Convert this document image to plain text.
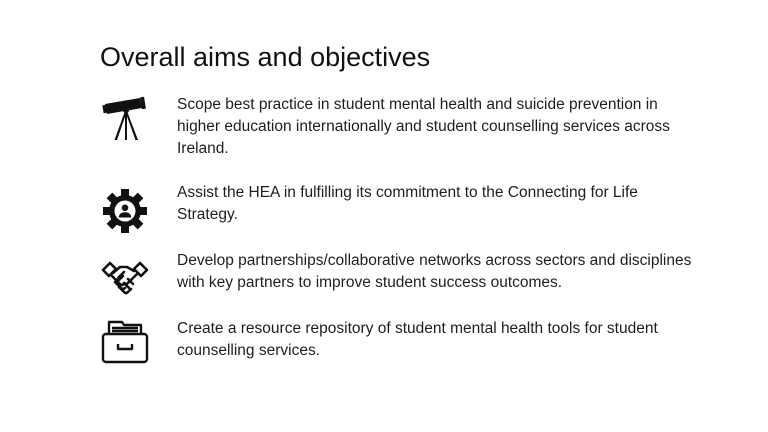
Overall aims and objectives
Scope best practice in student mental health and suicide prevention in higher education internationally and student counselling services across Ireland.
Assist the HEA in fulfilling its commitment to the Connecting for Life Strategy.
Develop partnerships/collaborative networks across sectors and disciplines with key partners to improve student success outcomes.
Create a resource repository of student mental health tools for student counselling services.
